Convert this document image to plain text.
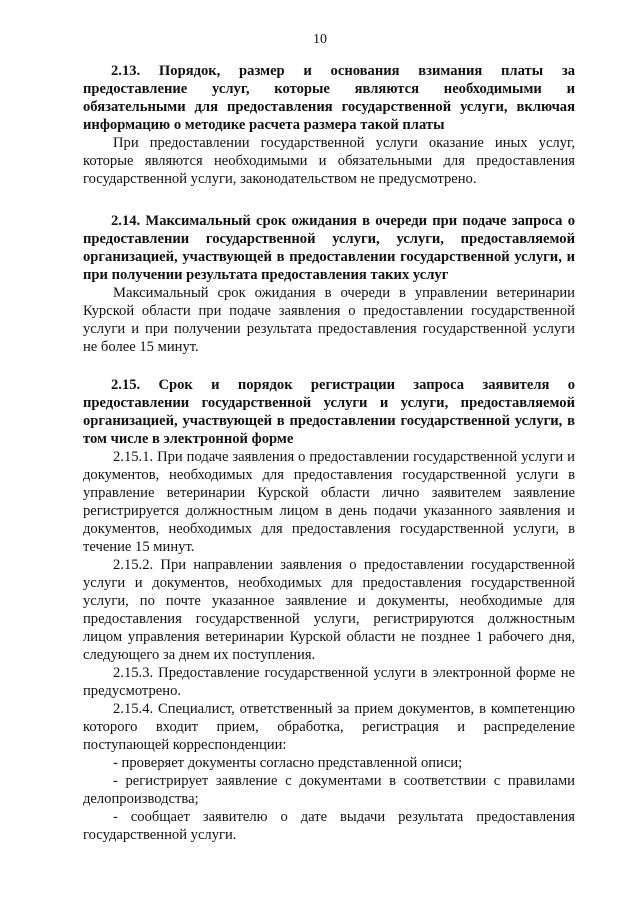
10

2.13. Порядок, размер и основания взимания платы за предоставление услуг, которые являются необходимыми и обязательными для предоставления государственной услуги, включая информацию о методике расчета размера такой платы

При предоставлении государственной услуги оказание иных услуг, которые являются необходимыми и обязательными для предоставления государственной услуги, законодательством не предусмотрено.

2.14. Максимальный срок ожидания в очереди при подаче запроса о предоставлении государственной услуги, услуги, предоставляемой организацией, участвующей в предоставлении государственной услуги, и при получении результата предоставления таких услуг

Максимальный срок ожидания в очереди в управлении ветеринарии Курской области при подаче заявления о предоставлении государственной услуги и при получении результата предоставления государственной услуги не более 15 минут.

2.15. Срок и порядок регистрации запроса заявителя о предоставлении государственной услуги и услуги, предоставляемой организацией, участвующей в предоставлении государственной услуги, в том числе в электронной форме

2.15.1. При подаче заявления о предоставлении государственной услуги и документов, необходимых для предоставления государственной услуги в управление ветеринарии Курской области лично заявителем заявление регистрируется должностным лицом в день подачи указанного заявления и документов, необходимых для предоставления государственной услуги, в течение 15 минут.

2.15.2. При направлении заявления о предоставлении государственной услуги и документов, необходимых для предоставления государственной услуги, по почте указанное заявление и документы, необходимые для предоставления государственной услуги, регистрируются должностным лицом управления ветеринарии Курской области не позднее 1 рабочего дня, следующего за днем их поступления.

2.15.3. Предоставление государственной услуги в электронной форме не предусмотрено.

2.15.4. Специалист, ответственный за прием документов, в компетенцию которого входит прием, обработка, регистрация и распределение поступающей корреспонденции:

- проверяет документы согласно представленной описи;

- регистрирует заявление с документами в соответствии с правилами делопроизводства;

- сообщает заявителю о дате выдачи результата предоставления государственной услуги.
